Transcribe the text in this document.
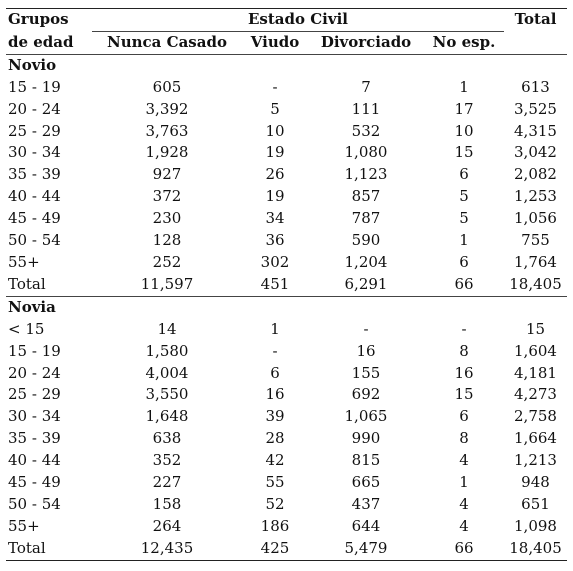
Grupos	Estado Civil				Total
de edad	Nunca Casado	Viudo	Divorciado	No esp.	
Novio					
15 - 19	605	-	7	1	613
20 - 24	3,392	5	111	17	3,525
25 - 29	3,763	10	532	10	4,315
30 - 34	1,928	19	1,080	15	3,042
35 - 39	927	26	1,123	6	2,082
40 - 44	372	19	857	5	1,253
45 - 49	230	34	787	5	1,056
50 - 54	128	36	590	1	755
55+	252	302	1,204	6	1,764
Total	11,597	451	6,291	66	18,405
Novia					
< 15	14	1	-	-	15
15 - 19	1,580	-	16	8	1,604
20 - 24	4,004	6	155	16	4,181
25 - 29	3,550	16	692	15	4,273
30 - 34	1,648	39	1,065	6	2,758
35 - 39	638	28	990	8	1,664
40 - 44	352	42	815	4	1,213
45 - 49	227	55	665	1	948
50 - 54	158	52	437	4	651
55+	264	186	644	4	1,098
Total	12,435	425	5,479	66	18,405
